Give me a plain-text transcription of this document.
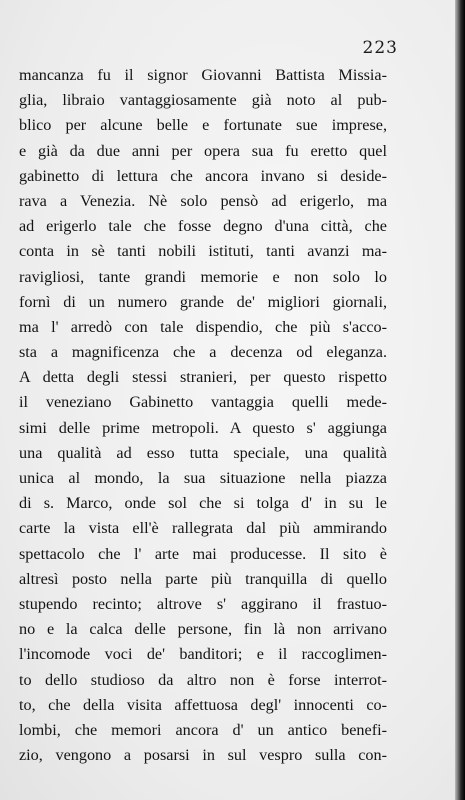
223
mancanza fu il signor Giovanni Battista Missia-
glia, libraio vantaggiosamente già noto al pub-
blico per alcune belle e fortunate sue imprese,
e già da due anni per opera sua fu eretto quel
gabinetto di lettura che ancora invano si deside-
rava a Venezia. Nè solo pensò ad erigerlo, ma
ad erigerlo tale che fosse degno d'una città, che
conta in sè tanti nobili istituti, tanti avanzi ma-
ravigliosi, tante grandi memorie e non solo lo
fornì di un numero grande de' migliori giornali,
ma l' arredò con tale dispendio, che più s'acco-
sta a magnificenza che a decenza od eleganza.
A detta degli stessi stranieri, per questo rispetto
il veneziano Gabinetto vantaggia quelli mede-
simi delle prime metropoli. A questo s' aggiunga
una qualità ad esso tutta speciale, una qualità
unica al mondo, la sua situazione nella piazza
di s. Marco, onde sol che si tolga d' in su le
carte la vista ell'è rallegrata dal più ammirando
spettacolo che l' arte mai producesse. Il sito è
altresì posto nella parte più tranquilla di quello
stupendo recinto; altrove s' aggirano il frastuo-
no e la calca delle persone, fin là non arrivano
l'incomode voci de' banditori; e il raccoglimen-
to dello studioso da altro non è forse interrot-
to, che della visita affettuosa degl' innocenti co-
lombi, che memori ancora d' un antico benefi-
zio, vengono a posarsi in sul vespro sulla con-
